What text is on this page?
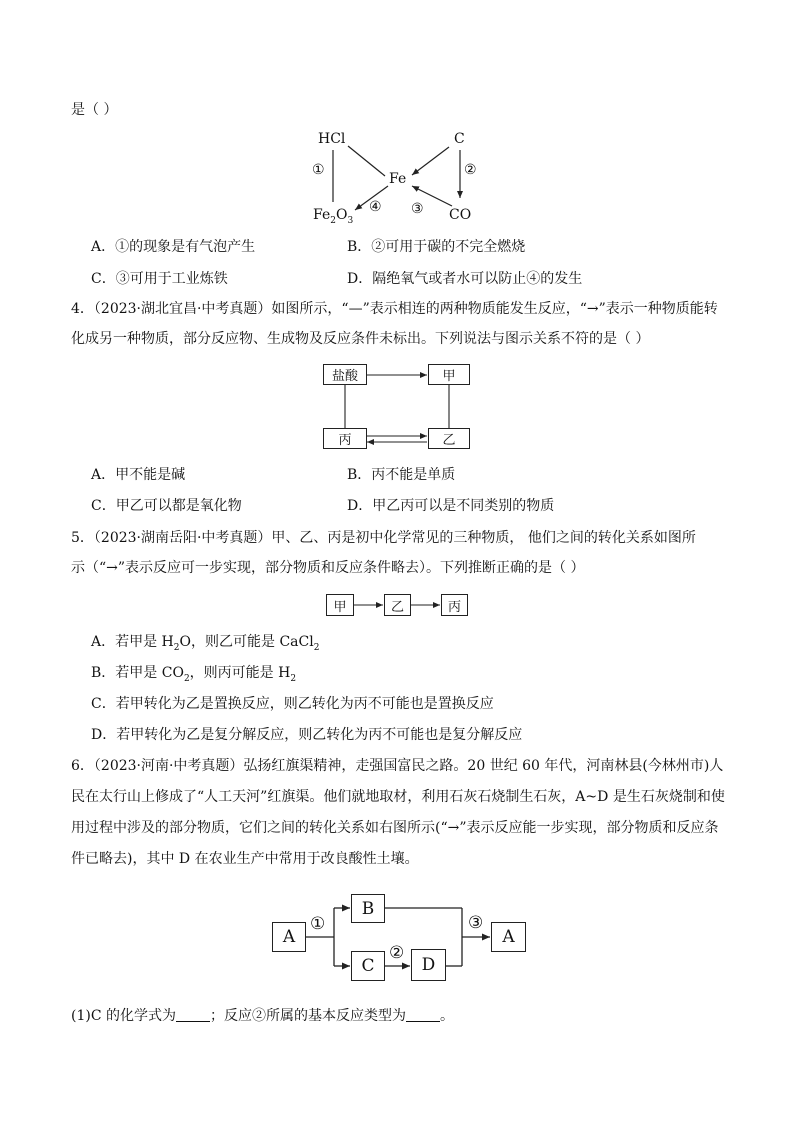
是（ ）
HCl	C
Fe
$Fe_2O_3$	CO
①	②
③
④
A．①的现象是有气泡产生	B．②可用于碳的不完全燃烧
C．③可用于工业炼铁	D．隔绝氧气或者水可以防止④的发生
4．（2023·湖北宜昌·中考真题）如图所示，“—”表示相连的两种物质能发生反应，“→”表示一种物质能转
化成另一种物质，部分反应物、生成物及反应条件未标出。下列说法与图示关系不符的是（ ）
盐酸	甲
丙	乙
A．甲不能是碱	B．丙不能是单质
C．甲乙可以都是氧化物	D．甲乙丙可以是不同类别的物质
5．（2023·湖南岳阳·中考真题）甲、乙、丙是初中化学常见的三种物质， 他们之间的转化关系如图所
示（“→”表示反应可一步实现，部分物质和反应条件略去）。下列推断正确的是（ ）
甲	乙	丙
A．若甲是 $H_2O$，则乙可能是 CaCl$_2$
B．若甲是 $CO_2$，则丙可能是 $H_2$
C．若甲转化为乙是置换反应，则乙转化为丙不可能也是置换反应
D．若甲转化为乙是复分解反应，则乙转化为丙不可能也是复分解反应
6．（2023·河南·中考真题）弘扬红旗渠精神，走强国富民之路。20 世纪 60 年代，河南林县(今林州市)人
民在太行山上修成了“人工天河”红旗渠。他们就地取材，利用石灰石烧制生石灰，A~D 是生石灰烧制和使
用过程中涉及的部分物质，它们之间的转化关系如右图所示(“→”表示反应能一步实现，部分物质和反应条
件已略去)，其中 D 在农业生产中常用于改良酸性土壤。
A
B
C	D
A
①
②
③
(1)C 的化学式为 ；反应②所属的基本反应类型为 。
